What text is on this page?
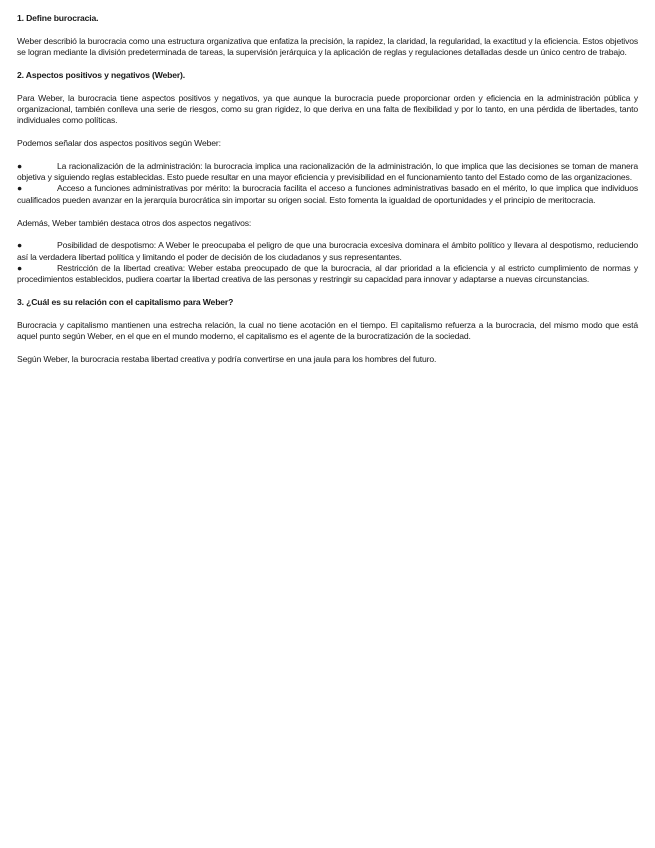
1. Define burocracia.
Weber describió la burocracia como una estructura organizativa que enfatiza la precisión, la rapidez, la claridad, la regularidad, la exactitud y la eficiencia. Estos objetivos se logran mediante la división predeterminada de tareas, la supervisión jerárquica y la aplicación de reglas y regulaciones detalladas desde un único centro de trabajo.
2. Aspectos positivos y negativos (Weber).
Para Weber, la burocracia tiene aspectos positivos y negativos, ya que aunque la burocracia puede proporcionar orden y eficiencia en la administración pública y organizacional, también conlleva una serie de riesgos, como su gran rigidez, lo que deriva en una falta de flexibilidad y por lo tanto, en una pérdida de libertades, tanto individuales como políticas.
Podemos señalar dos aspectos positivos según Weber:
●	La racionalización de la administración: la burocracia implica una racionalización de la administración, lo que implica que las decisiones se toman de manera objetiva y siguiendo reglas establecidas. Esto puede resultar en una mayor eficiencia y previsibilidad en el funcionamiento tanto del Estado como de las organizaciones.
●	Acceso a funciones administrativas por mérito: la burocracia facilita el acceso a funciones administrativas basado en el mérito, lo que implica que individuos cualificados pueden avanzar en la jerarquía burocrática sin importar su origen social. Esto fomenta la igualdad de oportunidades y el principio de meritocracia.
Además, Weber también destaca otros dos aspectos negativos:
●	Posibilidad de despotismo: A Weber le preocupaba el peligro de que una burocracia excesiva dominara el ámbito político y llevara al despotismo, reduciendo así la verdadera libertad política y limitando el poder de decisión de los ciudadanos y sus representantes.
●	Restricción de la libertad creativa: Weber estaba preocupado de que la burocracia, al dar prioridad a la eficiencia y al estricto cumplimiento de normas y procedimientos establecidos, pudiera coartar la libertad creativa de las personas y restringir su capacidad para innovar y adaptarse a nuevas circunstancias.
3. ¿Cuál es su relación con el capitalismo para Weber?
Burocracia y capitalismo mantienen una estrecha relación, la cual no tiene acotación en el tiempo. El capitalismo refuerza a la burocracia, del mismo modo que está aquel punto según Weber, en el que en el mundo moderno, el capitalismo es el agente de la burocratización de la sociedad.
Según Weber, la burocracia restaba libertad creativa y podría convertirse en una jaula para los hombres del futuro.
